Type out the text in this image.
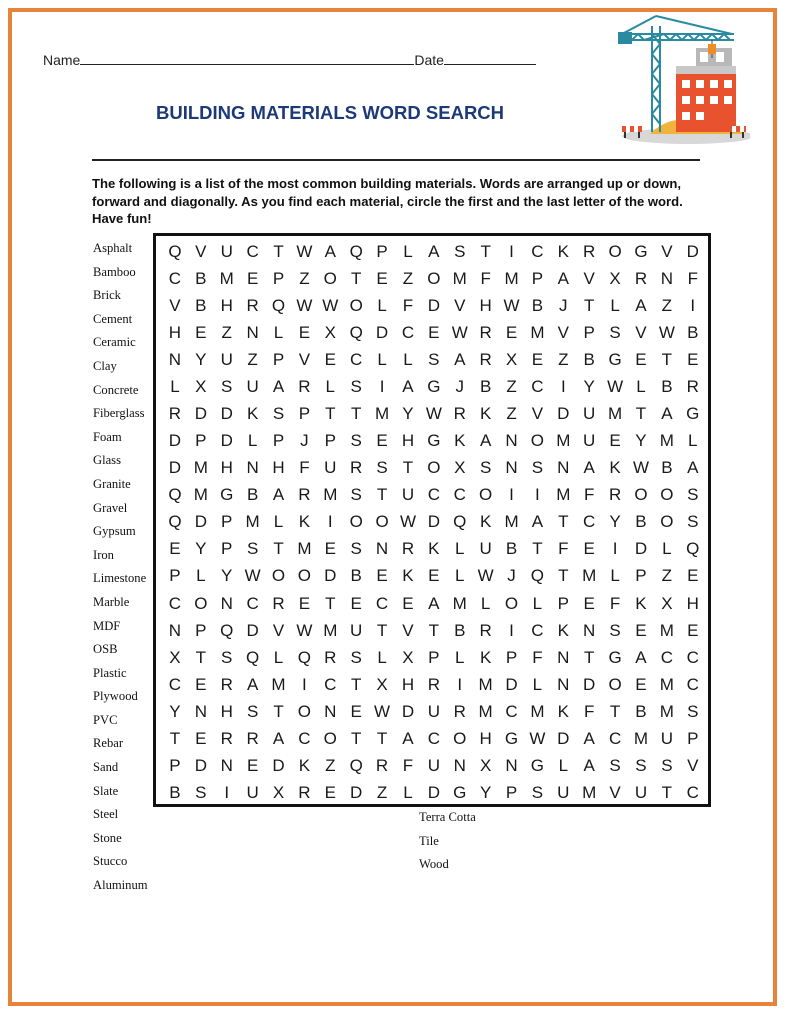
Name	Date
BUILDING MATERIALS WORD SEARCH
The following is a list of the most common building materials. Words are arranged up or down, forward and diagonally. As you find each material, circle the first and the last letter of the word. Have fun!
Q V U C T W A Q P L A S T	I	C K R O G V D
C B M E P Z O T E Z O M F M P A V X R N F
V B H R Q W W O L F D V H W B J T L A Z	I
H E Z N L E X Q D C E W R E M V P S V W B
N Y U Z P V E C L L S A R X E Z B G E T E
L X S U A R L S	I	A G J B Z C	I	Y W L B R
R D D K S P T T M Y W R K Z V D U M T A G
D P D L P J P S E H G K A N O M U E Y M L
D M H N H F U R S T O X S N S N A K W B A
Q M G B A R M S T U C C O I	I M F R O O S
Q D P M L K	I O O W D Q K M A T C Y B O S
E Y P S T M E S N R K L U B T F E	I	D L Q
P L Y W O O D B E K E L W J Q T M L P Z E
C O N C R E T E C E A M L O L P E F K X H
N P Q D V W M U T V T B R	I	C K N S E M E
X T S Q L Q R S L X P L K P F N T G A C C
C E R A M I	C T X H R	I M D L N D O E M C
Y N H S T O N E W D U R M C M K F T B M S
T E R R A C O T T A C O H G W D A C M U P
P D N E D K Z Q R F U N X N G L A S S S V
B S	I	U X R E D Z L D G Y P S U M V U T C
Asphalt
Bamboo
Brick
Cement
Ceramic
Clay
Concrete
Fiberglass
Foam
Glass
Granite
Gravel
Gypsum
Iron
Limestone
Marble
MDF
OSB
Plastic
Plywood
PVC
Rebar
Sand
Slate
Steel
Stone
Stucco
Aluminum
Terra Cotta
Tile
Wood
